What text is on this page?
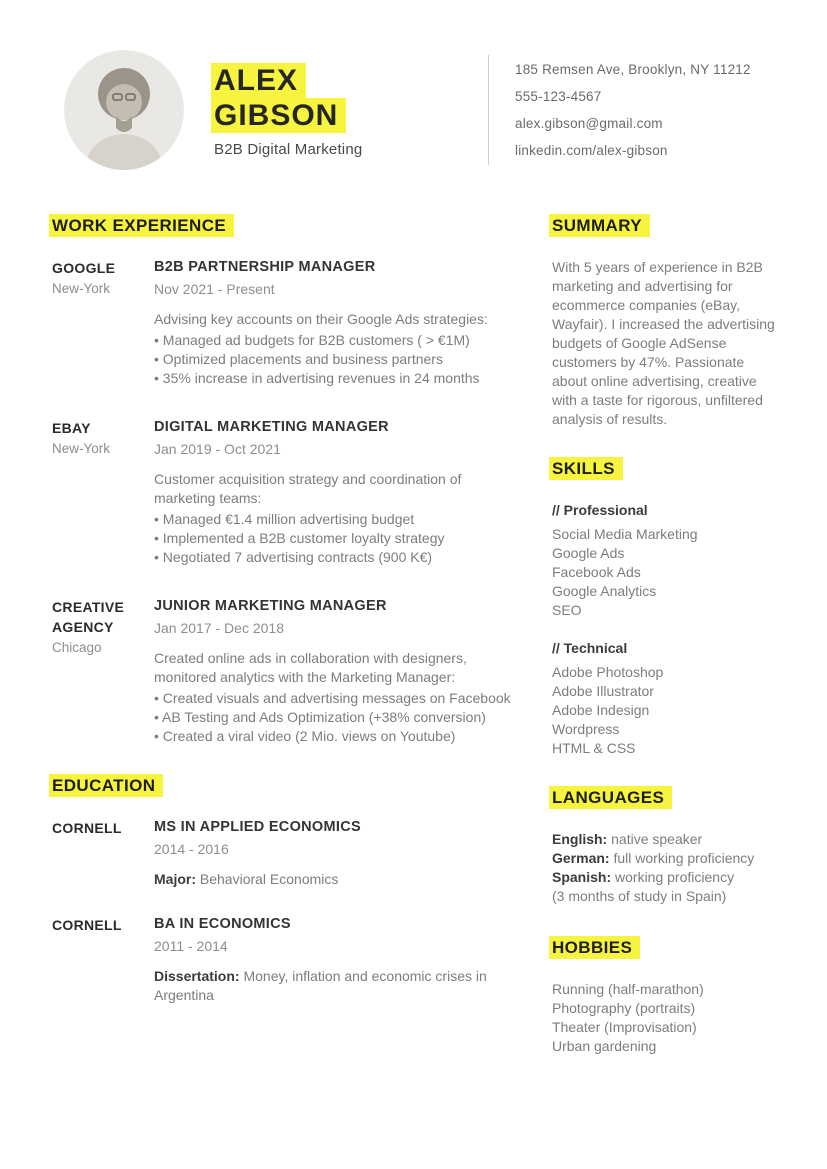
ALEX
GIBSON
B2B Digital Marketing
185 Remsen Ave, Brooklyn, NY 11212
555-123-4567
alex.gibson@gmail.com
linkedin.com/alex-gibson
WORK EXPERIENCE
GOOGLE
New-York
B2B PARTNERSHIP MANAGER
Nov 2021 - Present
Advising key accounts on their Google Ads strategies:
• Managed ad budgets for B2B customers ( > €1M)
• Optimized placements and business partners
• 35% increase in advertising revenues in 24 months
EBAY
New-York
DIGITAL MARKETING MANAGER
Jan 2019 - Oct 2021
Customer acquisition strategy and coordination of marketing teams:
• Managed €1.4 million advertising budget
• Implemented a B2B customer loyalty strategy
• Negotiated 7 advertising contracts (900 K€)
CREATIVE AGENCY
Chicago
JUNIOR MARKETING MANAGER
Jan 2017 - Dec 2018
Created online ads in collaboration with designers, monitored analytics with the Marketing Manager:
• Created visuals and advertising messages on Facebook
• AB Testing and Ads Optimization (+38% conversion)
• Created a viral video (2 Mio. views on Youtube)
EDUCATION
CORNELL	MS IN APPLIED ECONOMICS
2014 - 2016
Major: Behavioral Economics
CORNELL	BA IN ECONOMICS
2011 - 2014
Dissertation: Money, inflation and economic crises in Argentina
SUMMARY

With 5 years of experience in B2B marketing and advertising for ecommerce companies (eBay, Wayfair). I increased the advertising budgets of Google AdSense customers by 47%. Passionate about online advertising, creative with a taste for rigorous, unfiltered analysis of results.

SKILLS
// Professional
Social Media Marketing
Google Ads
Facebook Ads
Google Analytics
SEO
// Technical
Adobe Photoshop
Adobe Illustrator
Adobe Indesign
Wordpress
HTML & CSS
LANGUAGES
English: native speaker
German: full working proficiency
Spanish: working proficiency
(3 months of study in Spain)
HOBBIES
Running (half-marathon)
Photography (portraits)
Theater (Improvisation)
Urban gardening
